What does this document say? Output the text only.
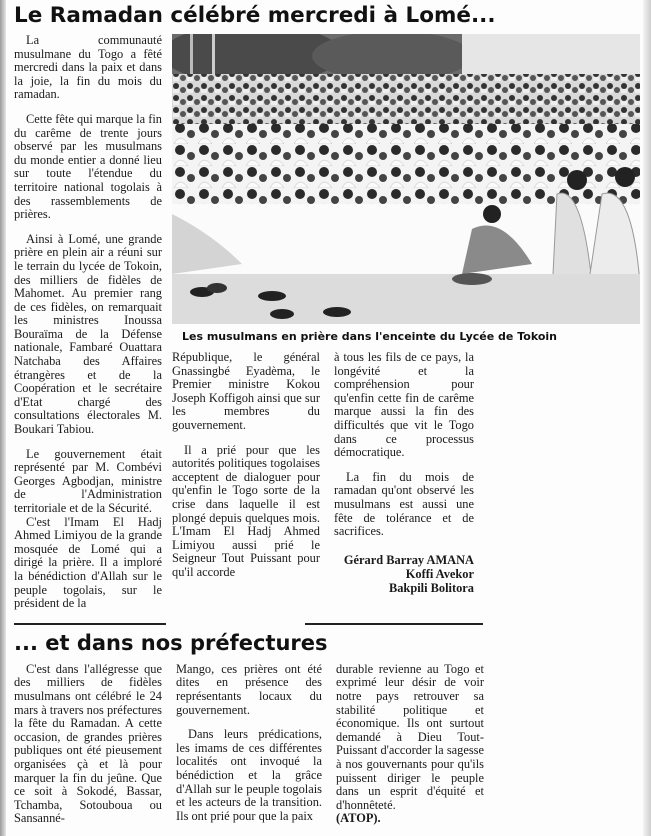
Le Ramadan célébré mercredi à Lomé...

La communauté musulmane du Togo a fêté mercredi dans la paix et dans la joie, la fin du mois du ramadan.

Cette fête qui marque la fin du carême de trente jours observé par les musulmans du monde entier a donné lieu sur toute l'étendue du territoire national togolais à des rassemblements de prières.

Ainsi à Lomé, une grande prière en plein air a réuni sur le terrain du lycée de Tokoin, des milliers de fidèles de Mahomet. Au premier rang de ces fidèles, on remarquait les ministres Inoussa Bouraïma de la Défense nationale, Fambaré Ouattara Natchaba des Affaires étrangères et de la Coopération et le secrétaire d'Etat chargé des consultations électorales M. Boukari Tabiou.

Le gouvernement était représenté par M. Combévi Georges Agbodjan, ministre de l'Administration territoriale et de la Sécurité.

C'est l'Imam El Hadj Ahmed Limiyou de la grande mosquée de Lomé qui a dirigé la prière. Il a imploré la bénédiction d'Allah sur le peuple togolais, sur le président de la

Les musulmans en prière dans l'enceinte du Lycée de Tokoin

République, le général Gnassingbé Eyadèma, le Premier ministre Kokou Joseph Koffigoh ainsi que sur les membres du gouvernement.

Il a prié pour que les autorités politiques togolaises acceptent de dialoguer pour qu'enfin le Togo sorte de la crise dans laquelle il est plongé depuis quelques mois. L'Imam El Hadj Ahmed Limiyou aussi prié le Seigneur Tout Puissant pour qu'il accorde

à tous les fils de ce pays, la longévité et la compréhension pour qu'enfin cette fin de carême marque aussi la fin des difficultés que vit le Togo dans ce processus démocratique.

La fin du mois de ramadan qu'ont observé les musulmans est aussi une fête de tolérance et de sacrifices.

Gérard Barray AMANA
Koffi Avekor
Bakpili Bolitora
... et dans nos préfectures

C'est dans l'allégresse que des milliers de fidèles musulmans ont célébré le 24 mars à travers nos préfectures la fête du Ramadan. A cette occasion, de grandes prières publiques ont été pieusement organisées çà et là pour marquer la fin du jeûne. Que ce soit à Sokodé, Bassar, Tchamba, Sotouboua ou Sansanné-

Mango, ces prières ont été dites en présence des représentants locaux du gouvernement.

Dans leurs prédications, les imams de ces différentes localités ont invoqué la bénédiction et la grâce d'Allah sur le peuple togolais et les acteurs de la transition. Ils ont prié pour que la paix

durable revienne au Togo et exprimé leur désir de voir notre pays retrouver sa stabilité politique et économique. Ils ont surtout demandé à Dieu Tout-Puissant d'accorder la sagesse à nos gouvernants pour qu'ils puissent diriger le peuple dans un esprit d'équité et d'honnêteté.

(ATOP).
